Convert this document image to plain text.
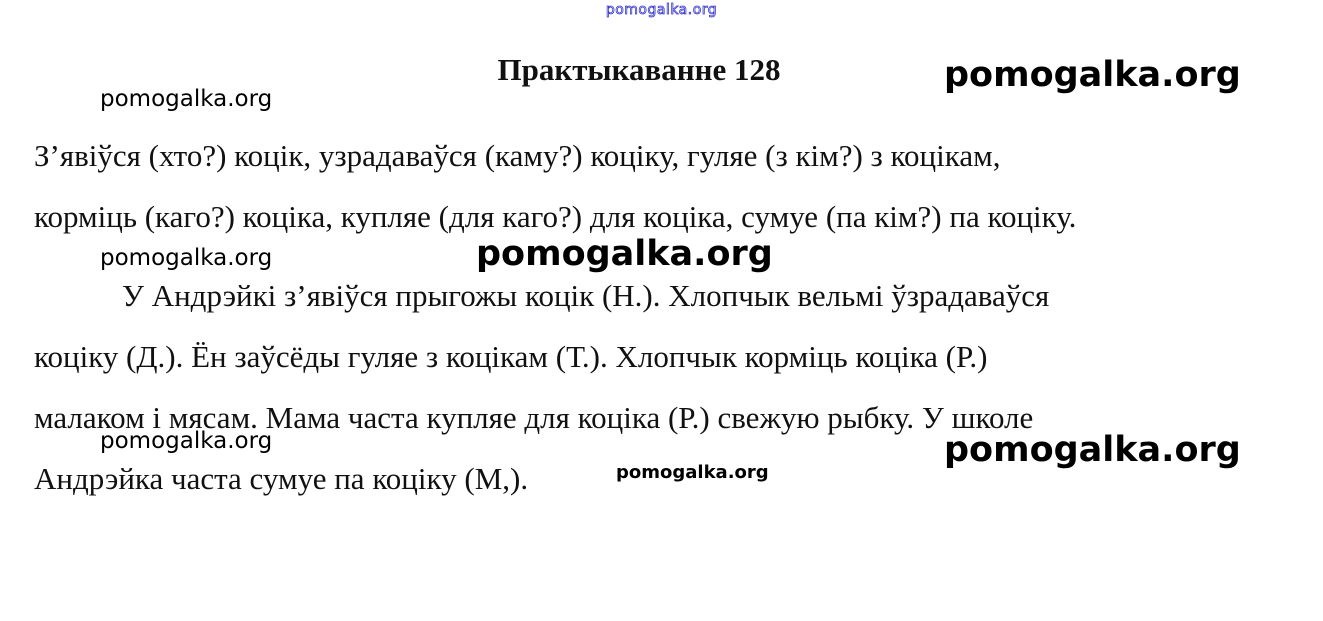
pomogalka.org
Практыкаванне 128
З’явіўся (хто?) коцік, узрадаваўся (каму?) коціку, гуляе (з кім?) з коцікам,
корміць (каго?) коціка, купляе (для каго?) для коціка, сумуе (па кім?) па коціку.
У Андрэйкі з’явіўся прыгожы коцік (Н.). Хлопчык вельмі ўзрадаваўся
коціку (Д.). Ён заўсёды гуляе з коцікам (Т.). Хлопчык корміць коціка (Р.)
малаком і мясам. Мама часта купляе для коціка (Р.) свежую рыбку. У школе
Андрэйка часта сумуе па коціку (М,).
pomogalka.org
pomogalka.org
pomogalka.org	pomogalka.org
pomogalka.org	pomogalka.org
pomogalka.org
